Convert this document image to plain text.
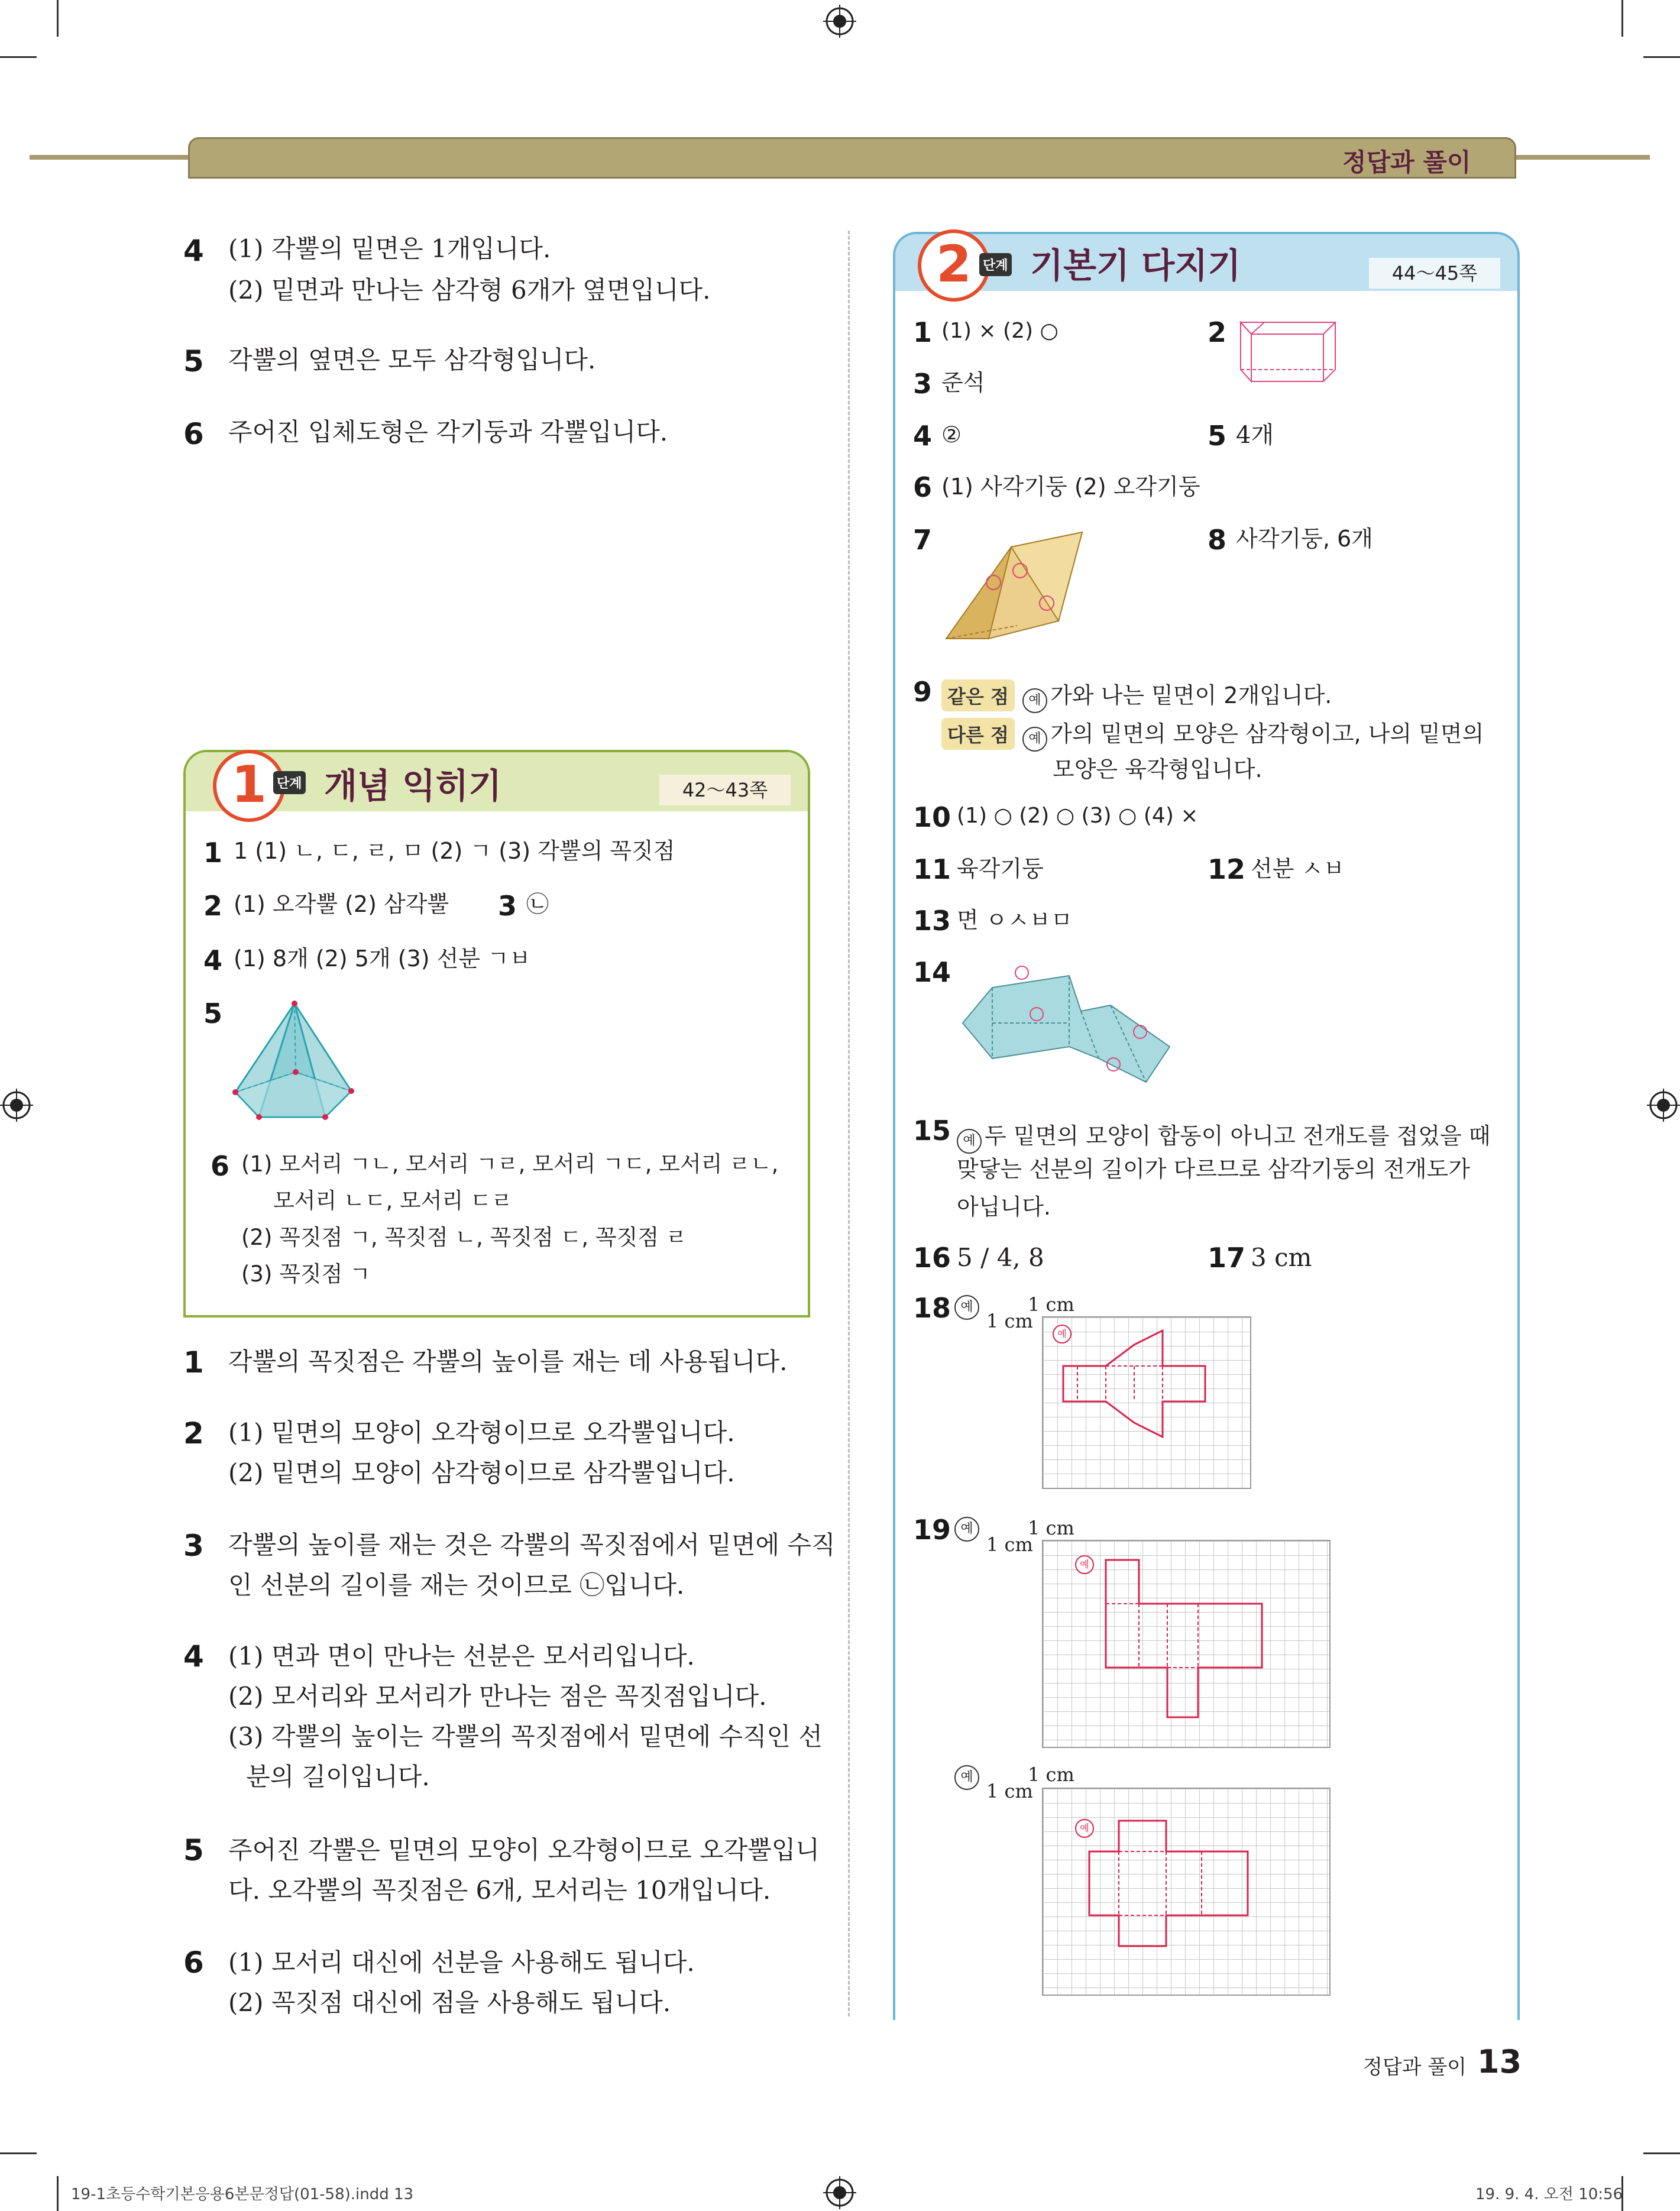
정답과 풀이
4 (1) 각뿔의 밑면은 1개입니다.
(2) 밑면과 만나는 삼각형 6개가 옆면입니다.
5 각뿔의 옆면은 모두 삼각형입니다.
6 주어진 입체도형은 각기둥과 각뿔입니다.
1 단계 개념 익히기	42～43쪽
1 1 (1) ㄴ, ㄷ, ㄹ, ㅁ (2) ㄱ (3) 각뿔의 꼭짓점
2 (1) 오각뿔 (2) 삼각뿔 3 ㉡
4 (1) 8개 (2) 5개 (3) 선분 ㄱㅂ
5
6 (1) 모서리 ㄱㄴ, 모서리 ㄱㄹ, 모서리 ㄱㄷ, 모서리 ㄹㄴ,
모서리 ㄴㄷ, 모서리 ㄷㄹ
(2) 꼭짓점 ㄱ, 꼭짓점 ㄴ, 꼭짓점 ㄷ, 꼭짓점 ㄹ
(3) 꼭짓점 ㄱ
1 각뿔의 꼭짓점은 각뿔의 높이를 재는 데 사용됩니다.
2 (1) 밑면의 모양이 오각형이므로 오각뿔입니다.
(2) 밑면의 모양이 삼각형이므로 삼각뿔입니다.
3 각뿔의 높이를 재는 것은 각뿔의 꼭짓점에서 밑면에 수직
인 선분의 길이를 재는 것이므로 ㉡입니다.
4 (1) 면과 면이 만나는 선분은 모서리입니다.
(2) 모서리와 모서리가 만나는 점은 꼭짓점입니다.
(3) 각뿔의 높이는 각뿔의 꼭짓점에서 밑면에 수직인 선
분의 길이입니다.
5 주어진 각뿔은 밑면의 모양이 오각형이므로 오각뿔입니
다. 오각뿔의 꼭짓점은 6개, 모서리는 10개입니다.
6 (1) 모서리 대신에 선분을 사용해도 됩니다.
(2) 꼭짓점 대신에 점을 사용해도 됩니다.
2 단계 기본기 다지기	44～45쪽
1 (1) × (2) ○	2
3 준석
4 ②	5 4개
6 (1) 사각기둥 (2) 오각기둥
7	8 사각기둥, 6개
9 같은 점 예 가와 나는 밑면이 2개입니다.
다른 점 예 가의 밑면의 모양은 삼각형이고, 나의 밑면의
모양은 육각형입니다.
10 (1) ○ (2) ○ (3) ○ (4) ×
11 육각기둥	12 선분 ㅅㅂ
13 면 ㅇㅅㅂㅁ
14
15 예 두 밑면의 모양이 합동이 아니고 전개도를 접었을 때
맞닿는 선분의 길이가 다르므로 삼각기둥의 전개도가
아닙니다.
16 5 / 4, 8	17 3 cm
18 예	1 cm
1 cm
예
19 예	1 cm
1 cm
예
예	1 cm
1 cm
예
정답과 풀이 13
19-1초등수학기본응용6본문정답(01-58).indd 13	19. 9. 4. 오전 10:56
